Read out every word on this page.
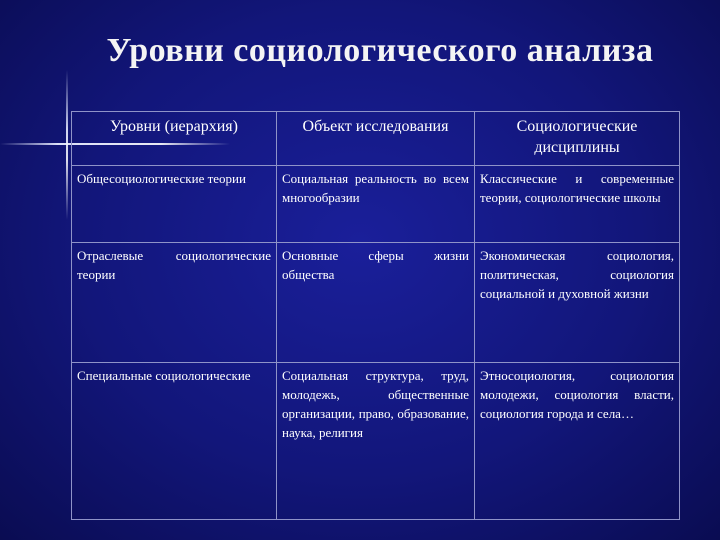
Уровни социологического анализа
Уровни (иерархия)	Объект исследования	Социологические дисциплины
Общесоциологические теории	Социальная реальность во всем многообразии	Классические и современные теории, социологические школы
Отраслевые социологические теории	Основные сферы жизни общества	Экономическая социология, политическая, социология социальной и духовной жизни
Специальные социологические	Социальная структура, труд, молодежь, общественные организации, право, образование, наука, религия	Этносоциология, социология молодежи, социология власти, социология города и села…
